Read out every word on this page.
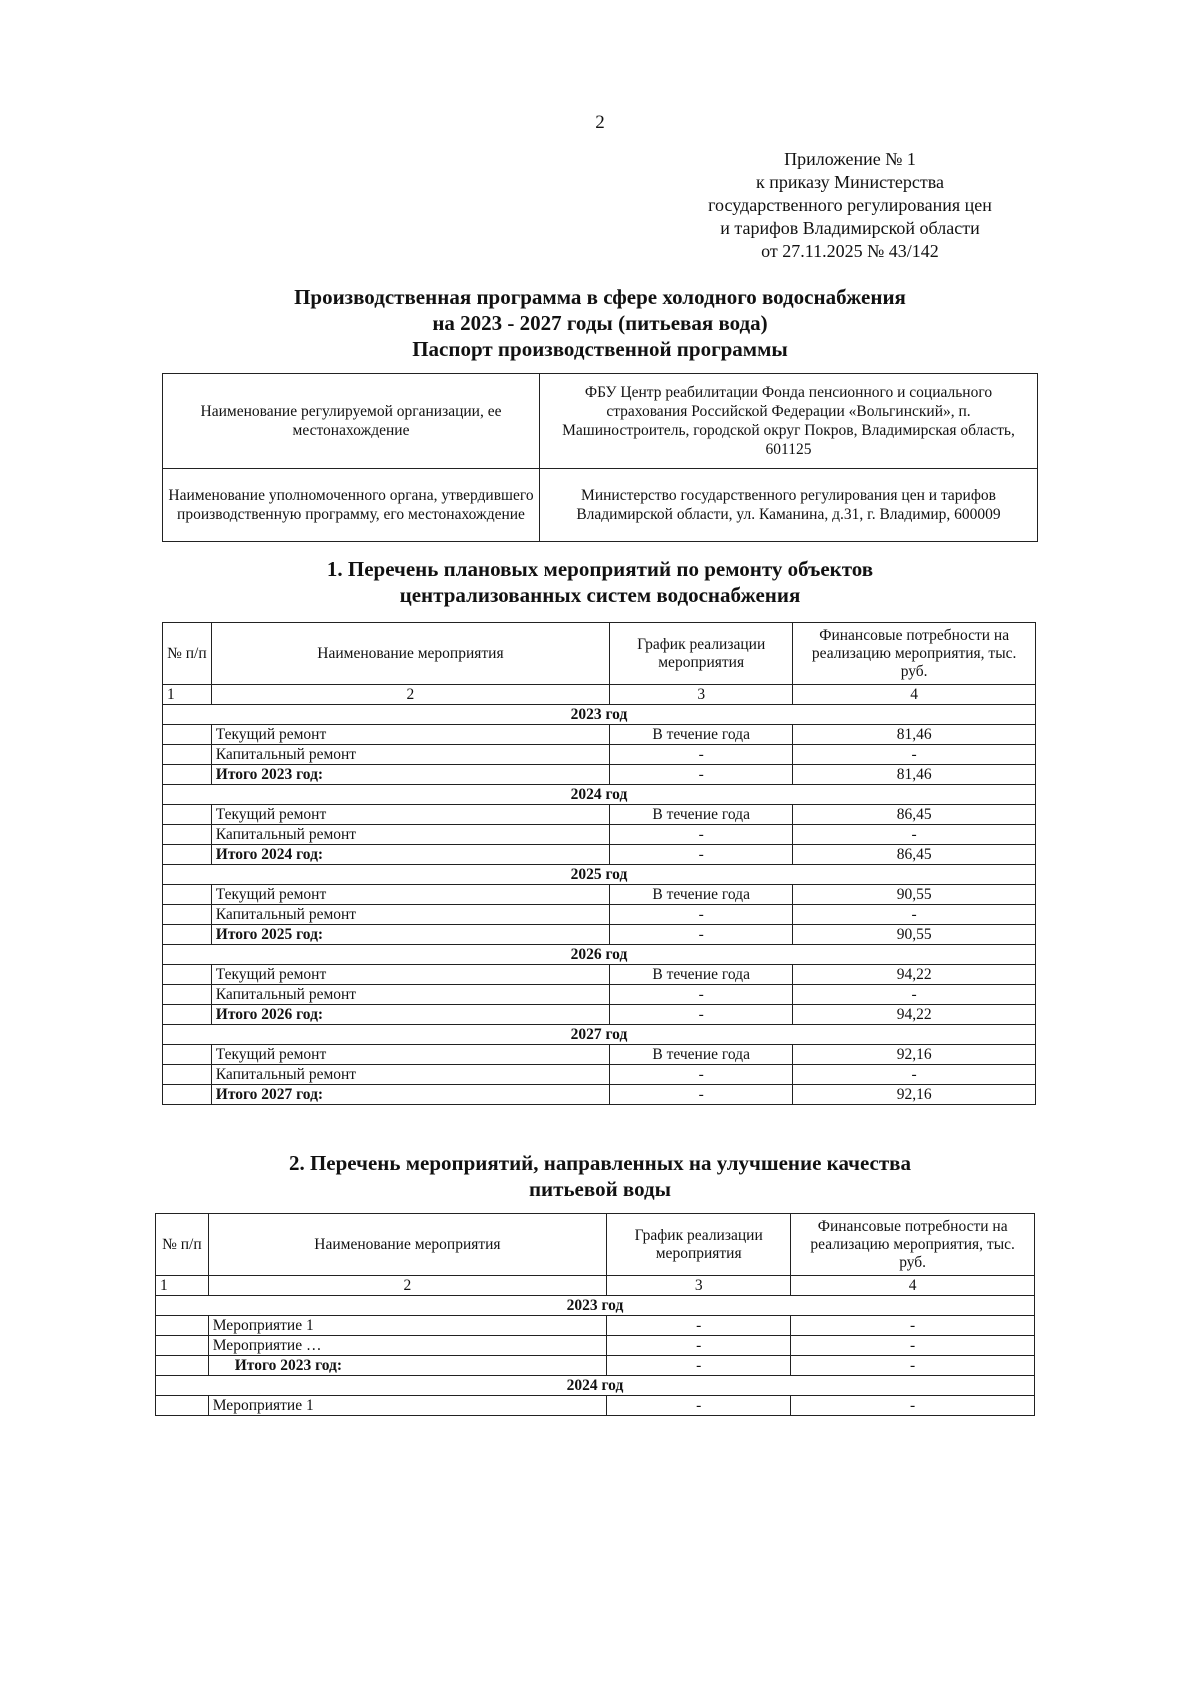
2
Приложение № 1
к приказу Министерства
государственного регулирования цен
и тарифов Владимирской области
от 27.11.2025 № 43/142
Производственная программа в сфере холодного водоснабжения
на 2023 - 2027 годы (питьевая вода)
Паспорт производственной программы
Наименование регулируемой организации, ее местонахождение	ФБУ Центр реабилитации Фонда пенсионного и социального страхования Российской Федерации «Вольгинский», п. Машиностроитель, городской округ Покров, Владимирская область, 601125
Наименование уполномоченного органа, утвердившего производственную программу, его местонахождение	Министерство государственного регулирования цен и тарифов Владимирской области, ул. Каманина, д.31, г. Владимир, 600009
1. Перечень плановых мероприятий по ремонту объектов
централизованных систем водоснабжения
№ п/п	Наименование мероприятия	График реализации мероприятия	Финансовые потребности на реализацию мероприятия, тыс. руб.
1	2	3	4
2023 год			
	Текущий ремонт	В течение года	81,46
	Капитальный ремонт	-	-
	Итого 2023 год:	-	81,46
2024 год			
	Текущий ремонт	В течение года	86,45
	Капитальный ремонт	-	-
	Итого 2024 год:	-	86,45
2025 год			
	Текущий ремонт	В течение года	90,55
	Капитальный ремонт	-	-
	Итого 2025 год:	-	90,55
2026 год			
	Текущий ремонт	В течение года	94,22
	Капитальный ремонт	-	-
	Итого 2026 год:	-	94,22
2027 год			
	Текущий ремонт	В течение года	92,16
	Капитальный ремонт	-	-
	Итого 2027 год:	-	92,16
2. Перечень мероприятий, направленных на улучшение качества
питьевой воды
№ п/п	Наименование мероприятия	График реализации мероприятия	Финансовые потребности на реализацию мероприятия, тыс. руб.
1	2	3	4
2023 год			
	Мероприятие 1	-	-
	Мероприятие …	-	-
	Итого 2023 год:	-	-
2024 год			
	Мероприятие 1	-	-
